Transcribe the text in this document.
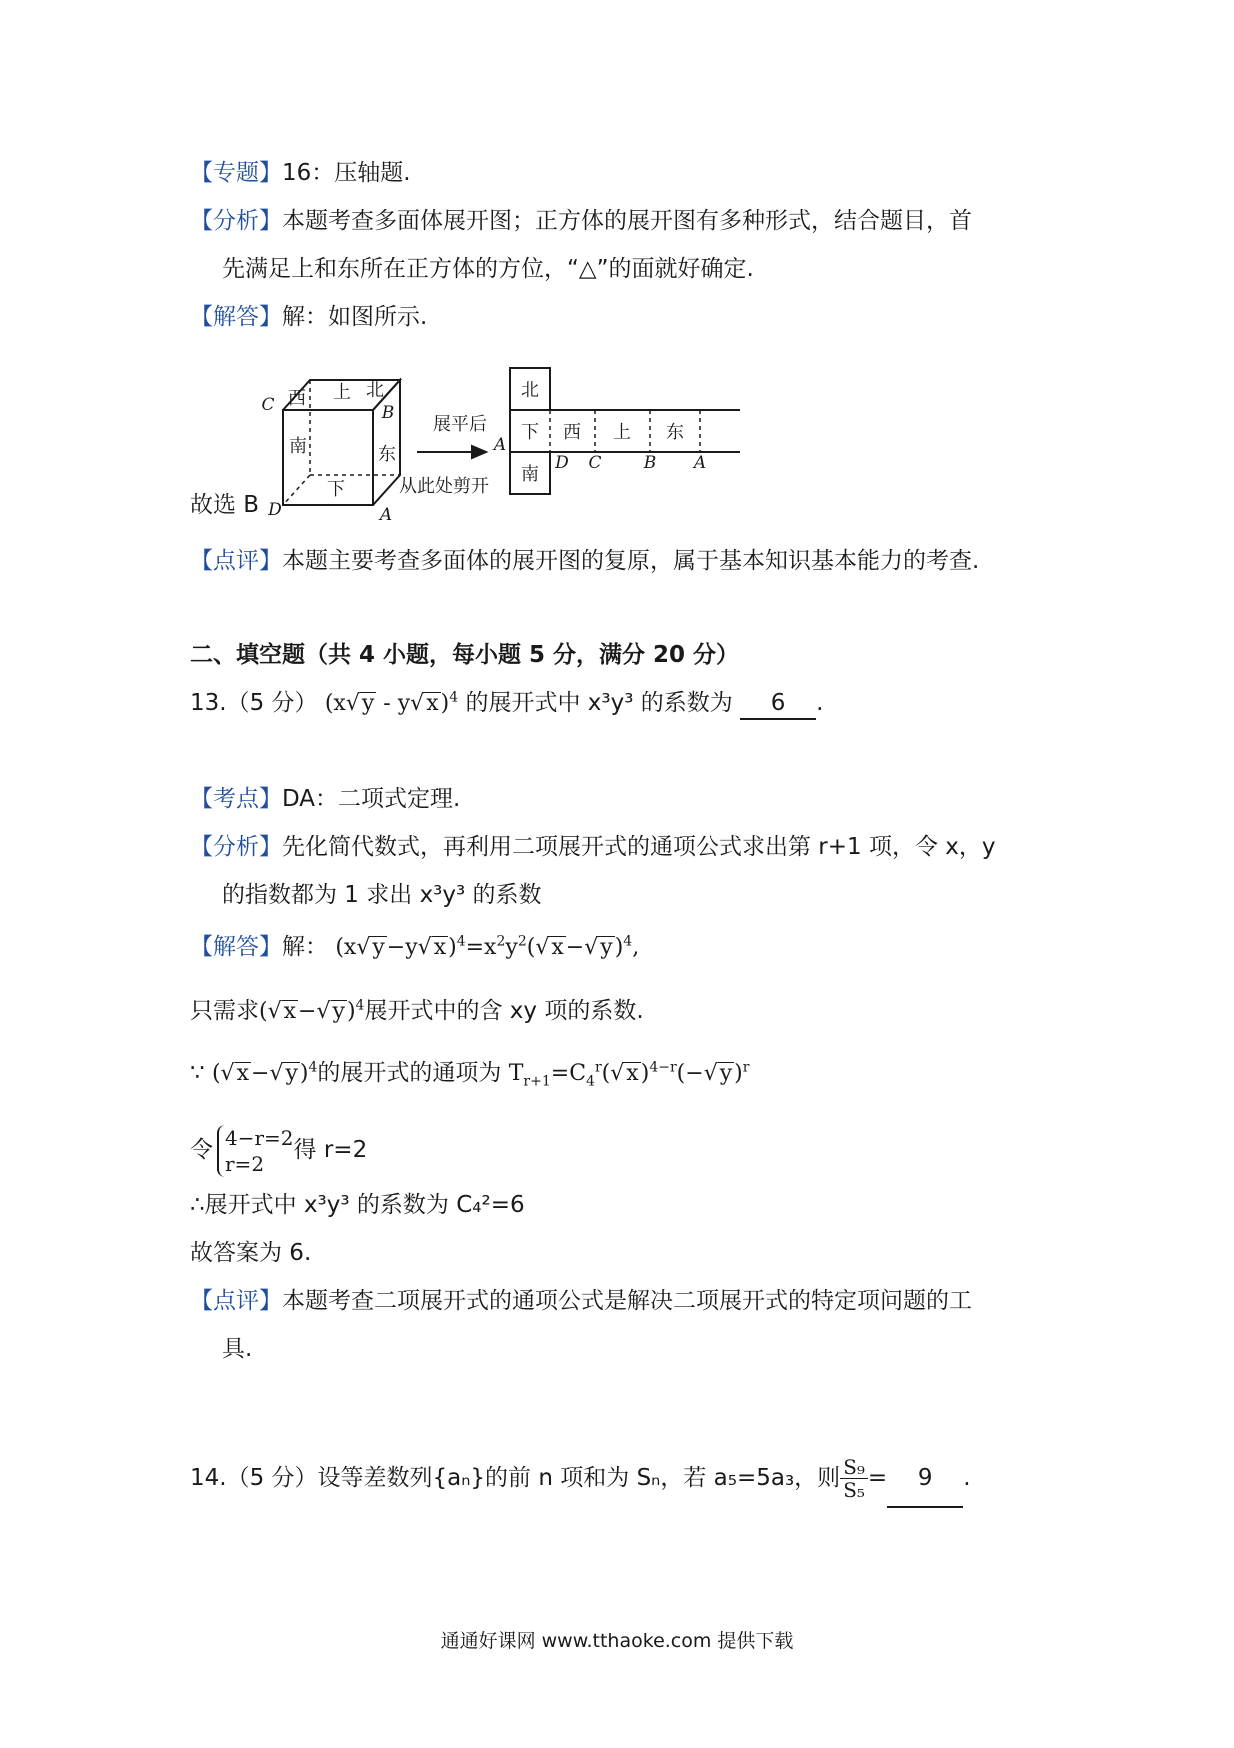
【专题】16：压轴题.
【分析】本题考查多面体展开图；正方体的展开图有多种形式，结合题目，首
先满足上和东所在正方体的方位，“△”的面就好确定.
【解答】解：如图所示.
西 上 北
南	东
下
展平后
从此处剪开
北
下 西 上 东
南
C	B
D	A
A
D C B A
故选 B
【点评】本题主要考查多面体的展开图的复原，属于基本知识基本能力的考查.
二、填空题（共 4 小题，每小题 5 分，满分 20 分）
13.（5 分） (x√y - y√x)$^4$ 的展开式中 x³y³ 的系数为 6 .
【考点】DA：二项式定理.
【分析】先化简代数式，再利用二项展开式的通项公式求出第 r+1 项，令 x，y
的指数都为 1 求出 x³y³ 的系数
【解答】解： $(x√y-y√x)^4=x^2y^2(√x-√y)^4$,
只需求$(√x-√y)^4$展开式中的含 xy 项的系数.
∵ $(√x-√y)^4$的展开式的通项为 $T_{r+1}=C_4^r(√x)^{4-r}(-√y)^r$
令 4−r=2
r=2
得 r=2
∴展开式中 x³y³ 的系数为 C₄²=6
故答案为 6.
【点评】本题考查二项展开式的通项公式是解决二项展开式的特定项问题的工
具.
14.（5 分）设等差数列{aₙ}的前 n 项和为 Sₙ，若 a₅=5a₃，则 $\frac{\text{S₉}}{\text{S₅}} = 9$ .
通通好课网 www.tthaoke.com 提供下载
